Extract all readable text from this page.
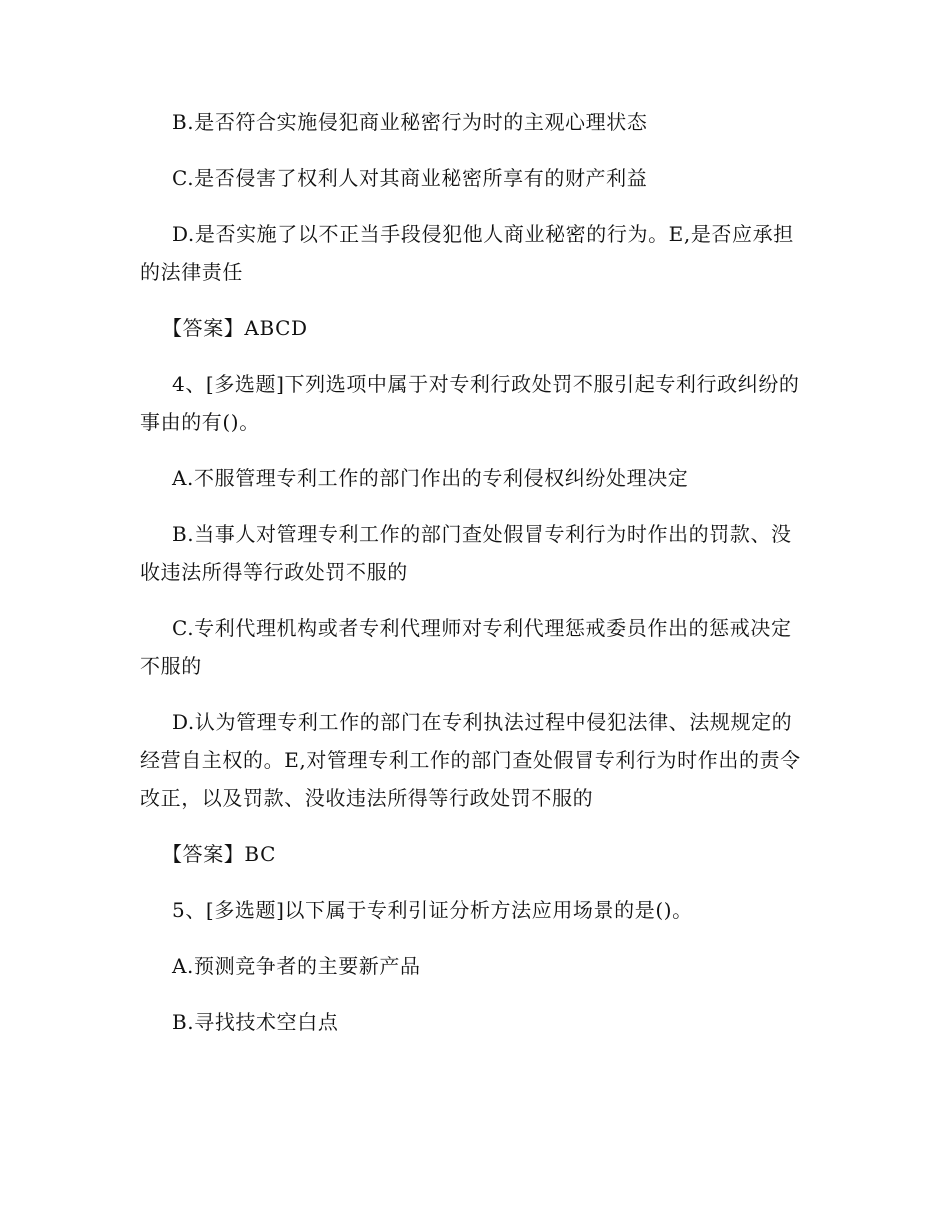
B.是否符合实施侵犯商业秘密行为时的主观心理状态

C.是否侵害了权利人对其商业秘密所享有的财产利益

D.是否实施了以不正当手段侵犯他人商业秘密的行为。E,是否应承担的法律责任

【答案】ABCD

4、[多选题]下列选项中属于对专利行政处罚不服引起专利行政纠纷的事由的有()。

A.不服管理专利工作的部门作出的专利侵权纠纷处理决定

B.当事人对管理专利工作的部门查处假冒专利行为时作出的罚款、没收违法所得等行政处罚不服的

C.专利代理机构或者专利代理师对专利代理惩戒委员作出的惩戒决定不服的

D.认为管理专利工作的部门在专利执法过程中侵犯法律、法规规定的经营自主权的。E,对管理专利工作的部门查处假冒专利行为时作出的责令改正，以及罚款、没收违法所得等行政处罚不服的

【答案】BC

5、[多选题]以下属于专利引证分析方法应用场景的是()。

A.预测竞争者的主要新产品

B.寻找技术空白点
